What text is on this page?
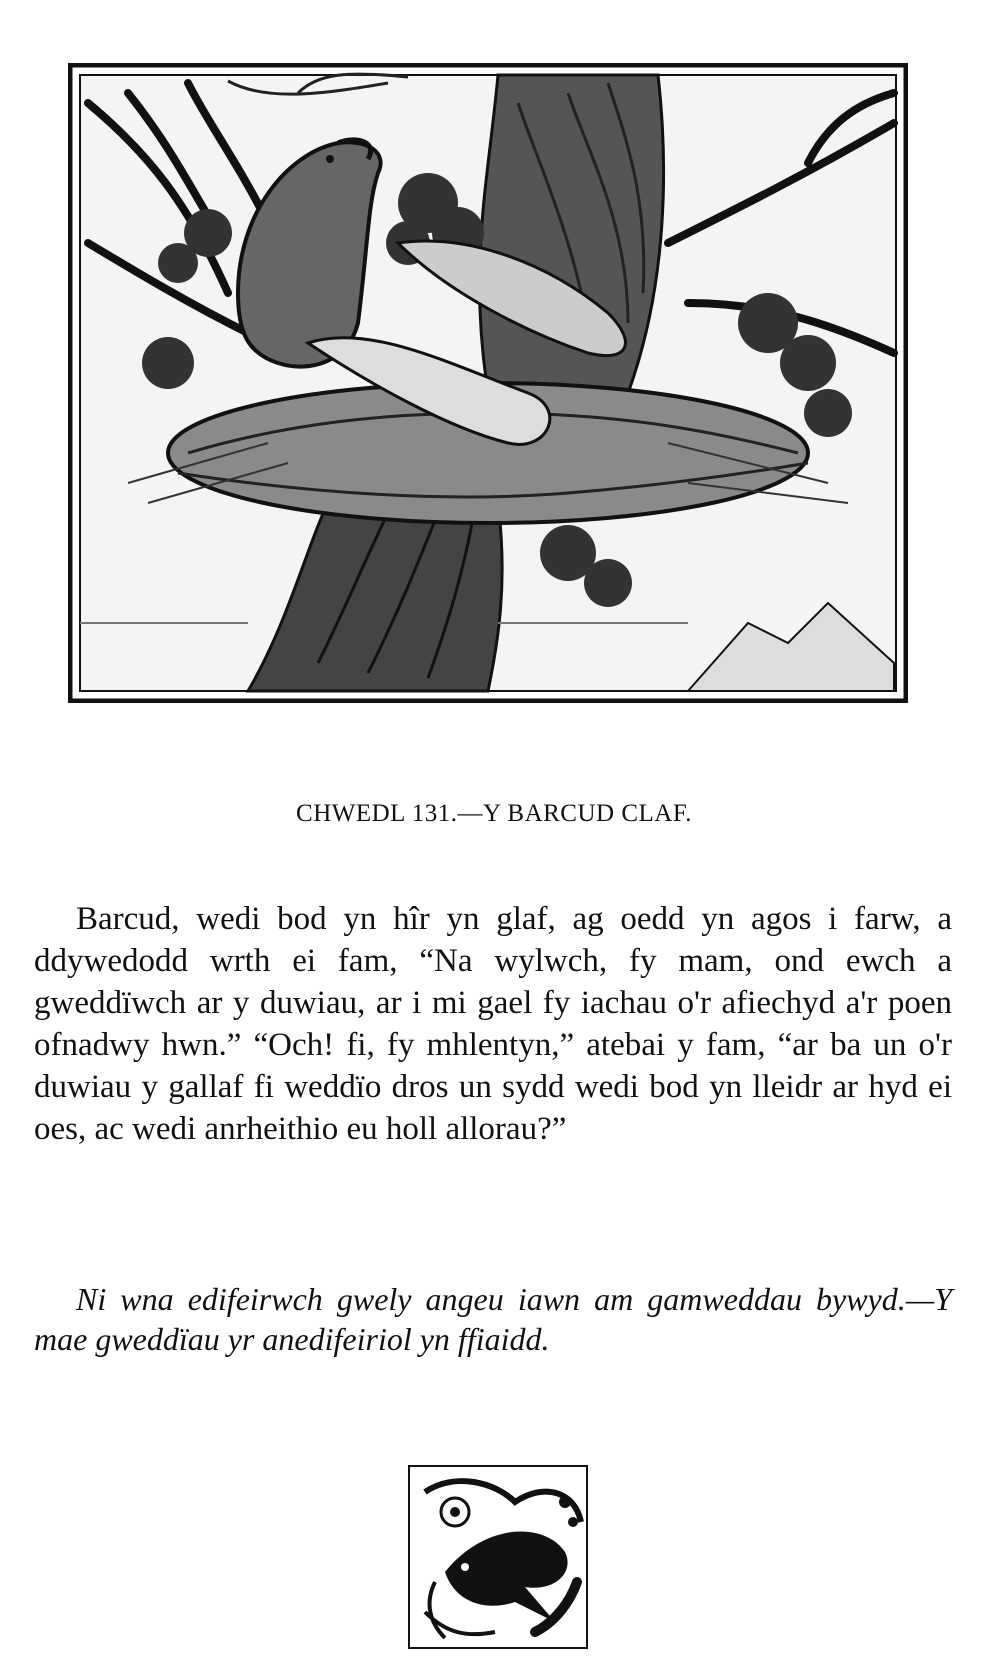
CHWEDL 131.—Y BARCUD CLAF.

Barcud, wedi bod yn hîr yn glaf, ag oedd yn agos i farw, a ddywedodd wrth ei fam, “Na wylwch, fy mam, ond ewch a gweddïwch ar y duwiau, ar i mi gael fy iachau o'r afiechyd a'r poen ofnadwy hwn.” “Och! fi, fy mhlentyn,” atebai y fam, “ar ba un o'r duwiau y gallaf fi weddïo dros un sydd wedi bod yn lleidr ar hyd ei oes, ac wedi anrheithio eu holl allorau?”

Ni wna edifeirwch gwely angeu iawn am gamweddau bywyd.—Y mae gweddïau yr anedifeiriol yn ffiaidd.
